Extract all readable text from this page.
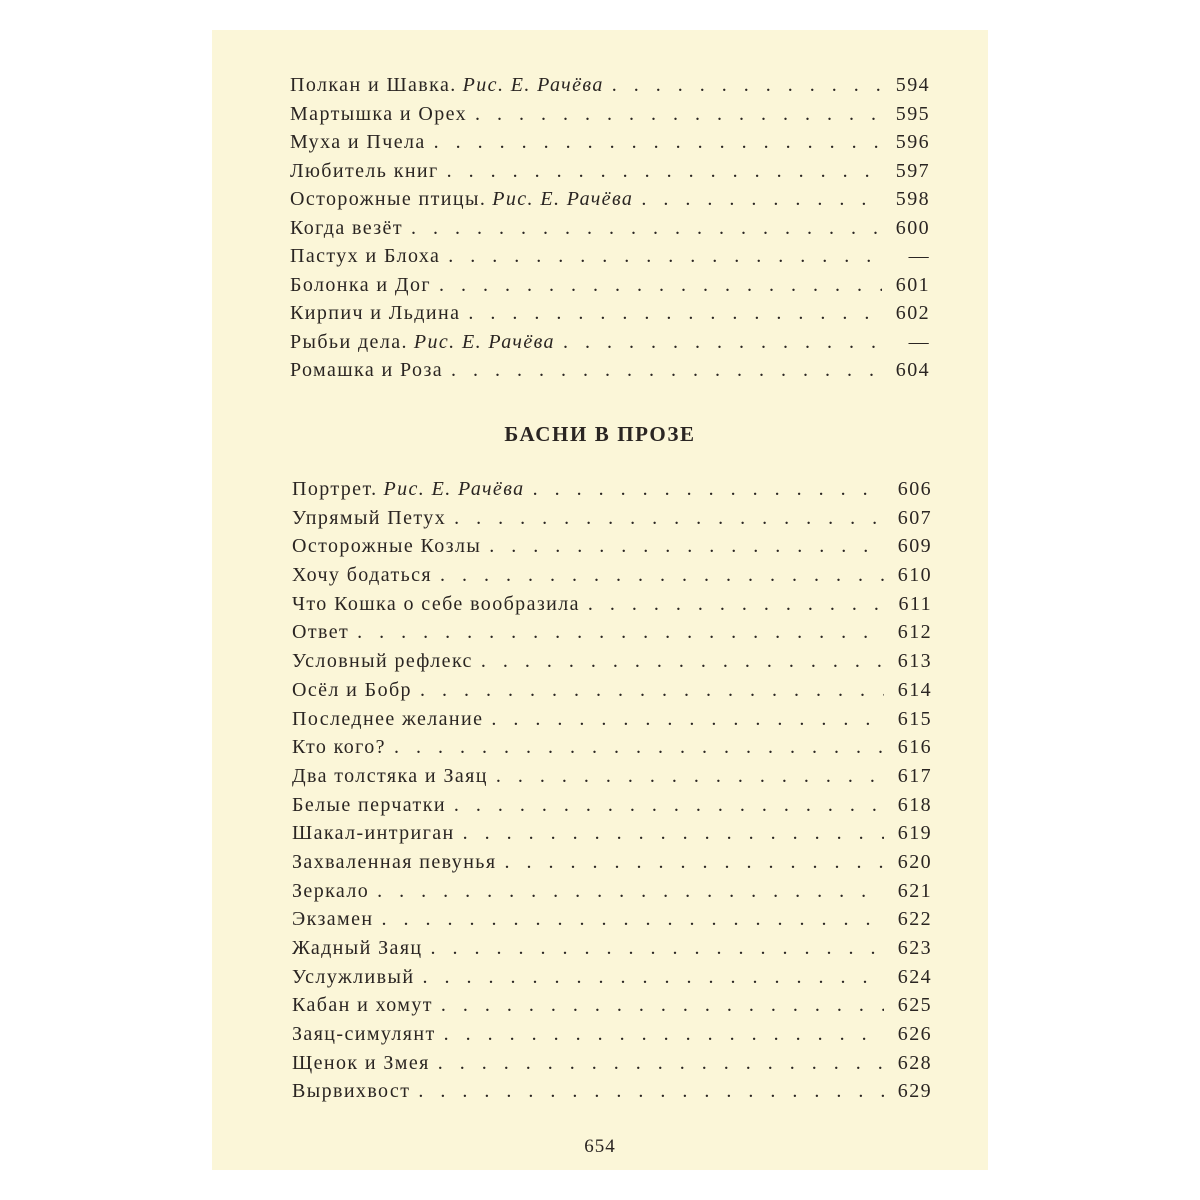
Полкан и Шавка. Рис. Е. Рачёва . . .	594
Мартышка и Орех . . .	595
Муха и Пчела . . .	596
Любитель книг . . .	597
Осторожные птицы. Рис. Е. Рачёва . . .	598
Когда везёт . . .	600
Пастух и Блоха . . .	—
Болонка и Дог . . .	601
Кирпич и Льдина . . .	602
Рыбьи дела. Рис. Е. Рачёва . . .	—
Ромашка и Роза . . .	604
БАСНИ В ПРОЗЕ
Портрет. Рис. Е. Рачёва . . .	606
Упрямый Петух . . .	607
Осторожные Козлы . . .	609
Хочу бодаться . . .	610
Что Кошка о себе вообразила . . .	611
Ответ . . .	612
Условный рефлекс . . .	613
Осёл и Бобр . . .	614
Последнее желание . . .	615
Кто кого? . . .	616
Два толстяка и Заяц . . .	617
Белые перчатки . . .	618
Шакал-интриган . . .	619
Захваленная певунья . . .	620
Зеркало . . .	621
Экзамен . . .	622
Жадный Заяц . . .	623
Услужливый . . .	624
Кабан и хомут . . .	625
Заяц-симулянт . . .	626
Щенок и Змея . . .	628
Вырвихвост . . .	629
654
